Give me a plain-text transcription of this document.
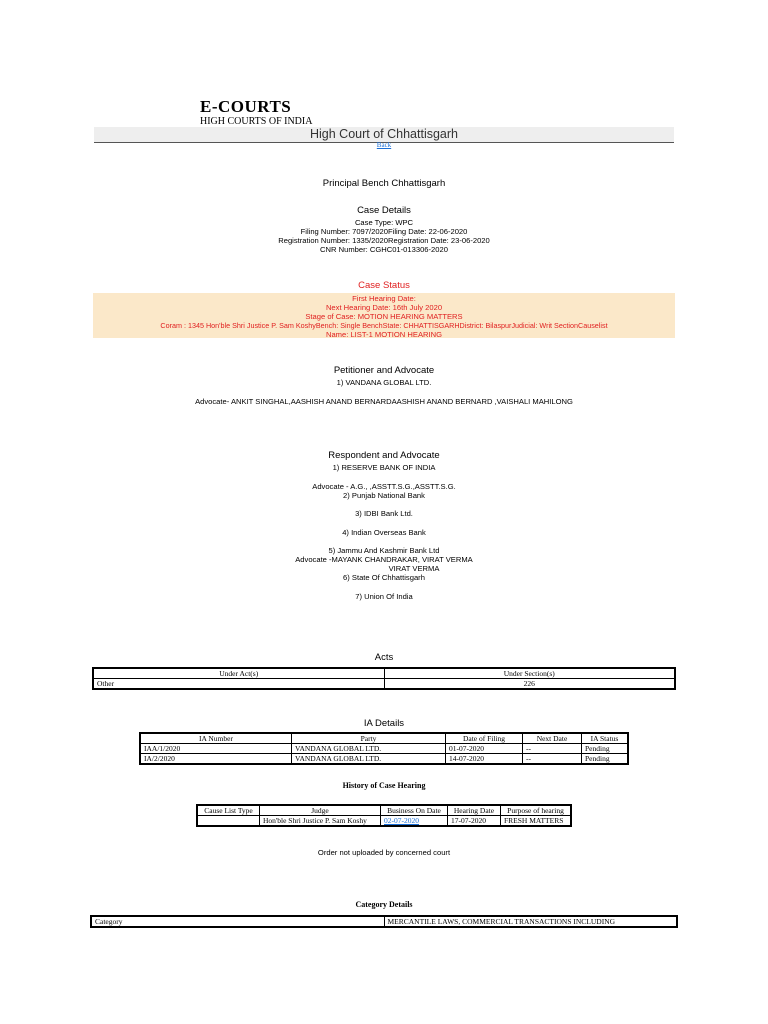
E-COURTS
HIGH COURTS OF INDIA
High Court of Chhattisgarh
Back
Principal Bench Chhattisgarh
Case Details
Case Type: WPC
Filing Number: 7097/2020Filing Date: 22-06-2020
Registration Number: 1335/2020Registration Date: 23-06-2020
CNR Number: CGHC01-013306-2020
Case Status
First Hearing Date:
Next Hearing Date: 16th July 2020
Stage of Case: MOTION HEARING MATTERS
Coram : 1345 Hon'ble Shri Justice P. Sam KoshyBench: Single BenchState: CHHATTISGARHDistrict: BilaspurJudicial: Writ SectionCauselist
Name: LIST-1 MOTION HEARING
Petitioner and Advocate
1) VANDANA GLOBAL LTD.
Advocate- ANKIT SINGHAL,AASHISH ANAND BERNARDAASHISH ANAND BERNARD ,VAISHALI MAHILONG
Respondent and Advocate
1) RESERVE BANK OF INDIA
Advocate - A.G., ,ASSTT.S.G.,ASSTT.S.G.
2) Punjab National Bank
3) IDBI Bank Ltd.
4) Indian Overseas Bank
5) Jammu And Kashmir Bank Ltd
Advocate -MAYANK CHANDRAKAR, VIRAT VERMA
VIRAT VERMA
6) State Of Chhattisgarh
7) Union Of India
Acts
Under Act(s)	Under Section(s)
Other	226
IA Details
IA Number	Party	Date of Filing	Next Date	IA Status
IAA/1/2020	VANDANA GLOBAL LTD.	01-07-2020	--	Pending
IA/2/2020	VANDANA GLOBAL LTD.	14-07-2020	--	Pending
History of Case Hearing
Cause List Type	Judge	Business On Date	Hearing Date	Purpose of hearing
	Hon'ble Shri Justice P. Sam Koshy	02-07-2020	17-07-2020	FRESH MATTERS
Order not uploaded by concerned court
Category Details
Category	MERCANTILE LAWS, COMMERCIAL TRANSACTIONS INCLUDING
